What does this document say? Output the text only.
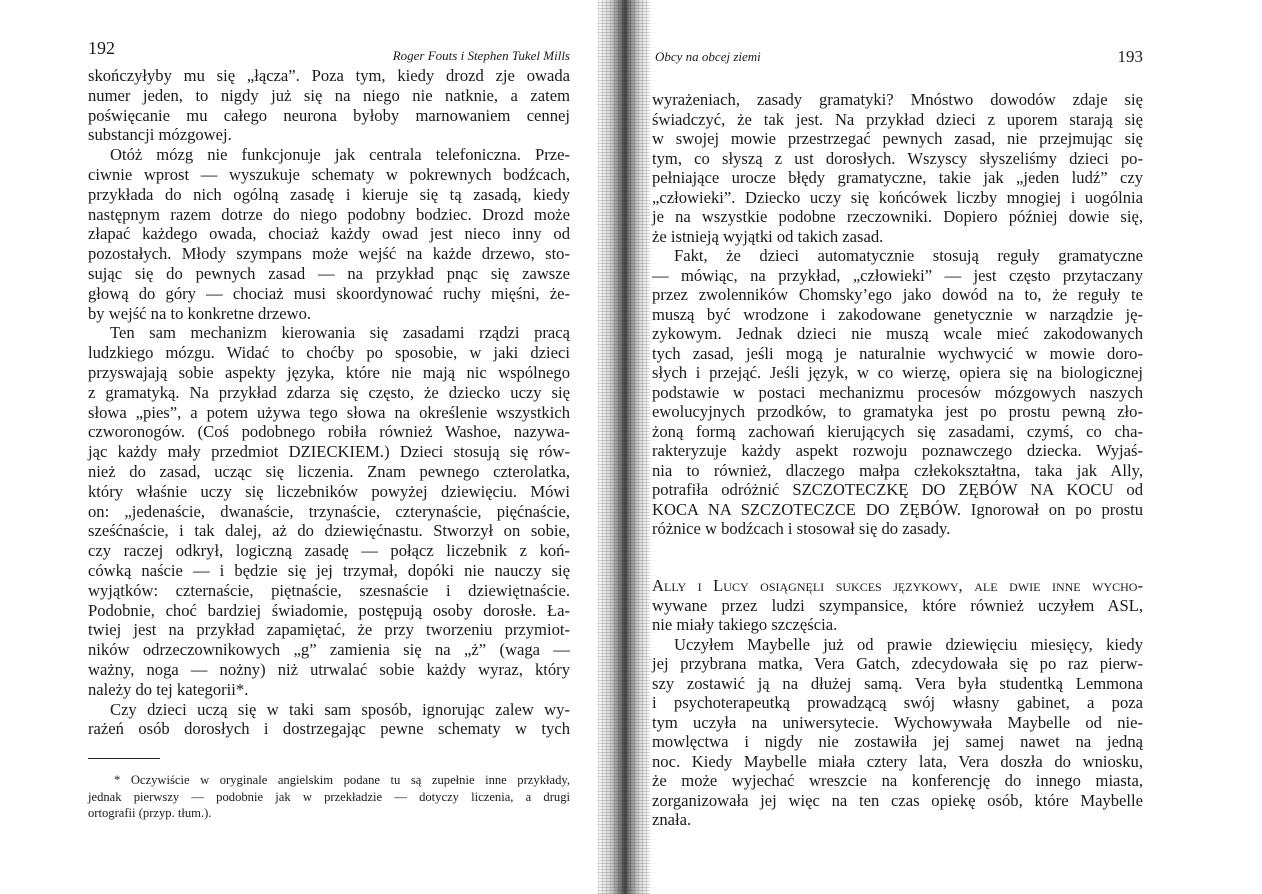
192	Roger Fouts i Stephen Tukel Mills
skończyłyby mu się „łącza”. Poza tym, kiedy drozd zje owada
numer jeden, to nigdy już się na niego nie natknie, a zatem
poświęcanie mu całego neurona byłoby marnowaniem cennej
substancji mózgowej.
Otóż mózg nie funkcjonuje jak centrala telefoniczna. Prze-
ciwnie wprost — wyszukuje schematy w pokrewnych bodźcach,
przykłada do nich ogólną zasadę i kieruje się tą zasadą, kiedy
następnym razem dotrze do niego podobny bodziec. Drozd może
złapać każdego owada, chociaż każdy owad jest nieco inny od
pozostałych. Młody szympans może wejść na każde drzewo, sto-
sując się do pewnych zasad — na przykład pnąc się zawsze
głową do góry — chociaż musi skoordynować ruchy mięśni, że-
by wejść na to konkretne drzewo.
Ten sam mechanizm kierowania się zasadami rządzi pracą
ludzkiego mózgu. Widać to choćby po sposobie, w jaki dzieci
przyswajają sobie aspekty języka, które nie mają nic wspólnego
z gramatyką. Na przykład zdarza się często, że dziecko uczy się
słowa „pies”, a potem używa tego słowa na określenie wszystkich
czworonogów. (Coś podobnego robiła również Washoe, nazywa-
jąc każdy mały przedmiot DZIECKIEM.) Dzieci stosują się rów-
nież do zasad, ucząc się liczenia. Znam pewnego czterolatka,
który właśnie uczy się liczebników powyżej dziewięciu. Mówi
on: „jedenaście, dwanaście, trzynaście, czterynaście, pięćnaście,
sześćnaście, i tak dalej, aż do dziewięćnastu. Stworzył on sobie,
czy raczej odkrył, logiczną zasadę — połącz liczebnik z koń-
cówką naście — i będzie się jej trzymał, dopóki nie nauczy się
wyjątków: czternaście, piętnaście, szesnaście i dziewiętnaście.
Podobnie, choć bardziej świadomie, postępują osoby dorosłe. Ła-
twiej jest na przykład zapamiętać, że przy tworzeniu przymiot-
ników odrzeczownikowych „g” zamienia się na „ż” (waga —
ważny, noga — nożny) niż utrwalać sobie każdy wyraz, który
należy do tej kategorii*.
Czy dzieci uczą się w taki sam sposób, ignorując zalew wy-
rażeń osób dorosłych i dostrzegając pewne schematy w tych
* Oczywiście w oryginale angielskim podane tu są zupełnie inne przykłady,
jednak pierwszy — podobnie jak w przekładzie — dotyczy liczenia, a drugi
ortografii (przyp. tłum.).
Obcy na obcej ziemi	193
wyrażeniach, zasady gramatyki? Mnóstwo dowodów zdaje się
świadczyć, że tak jest. Na przykład dzieci z uporem starają się
w swojej mowie przestrzegać pewnych zasad, nie przejmując się
tym, co słyszą z ust dorosłych. Wszyscy słyszeliśmy dzieci po-
pełniające urocze błędy gramatyczne, takie jak „jeden ludź” czy
„człowieki”. Dziecko uczy się końcówek liczby mnogiej i uogólnia
je na wszystkie podobne rzeczowniki. Dopiero później dowie się,
że istnieją wyjątki od takich zasad.
Fakt, że dzieci automatycznie stosują reguły gramatyczne
— mówiąc, na przykład, „człowieki” — jest często przytaczany
przez zwolenników Chomsky’ego jako dowód na to, że reguły te
muszą być wrodzone i zakodowane genetycznie w narządzie ję-
zykowym. Jednak dzieci nie muszą wcale mieć zakodowanych
tych zasad, jeśli mogą je naturalnie wychwycić w mowie doro-
słych i przejąć. Jeśli język, w co wierzę, opiera się na biologicznej
podstawie w postaci mechanizmu procesów mózgowych naszych
ewolucyjnych przodków, to gramatyka jest po prostu pewną zło-
żoną formą zachowań kierujących się zasadami, czymś, co cha-
rakteryzuje każdy aspekt rozwoju poznawczego dziecka. Wyjaś-
nia to również, dlaczego małpa człekokształtna, taka jak Ally,
potrafiła odróżnić SZCZOTECZKĘ DO ZĘBÓW NA KOCU od
KOCA NA SZCZOTECZCE DO ZĘBÓW. Ignorował on po prostu
różnice w bodźcach i stosował się do zasady.
Ally i Lucy osiągnęli sukces językowy, ale dwie inne wycho-
wywane przez ludzi szympansice, które również uczyłem ASL,
nie miały takiego szczęścia.
Uczyłem Maybelle już od prawie dziewięciu miesięcy, kiedy
jej przybrana matka, Vera Gatch, zdecydowała się po raz pierw-
szy zostawić ją na dłużej samą. Vera była studentką Lemmona
i psychoterapeutką prowadzącą swój własny gabinet, a poza
tym uczyła na uniwersytecie. Wychowywała Maybelle od nie-
mowlęctwa i nigdy nie zostawiła jej samej nawet na jedną
noc. Kiedy Maybelle miała cztery lata, Vera doszła do wniosku,
że może wyjechać wreszcie na konferencję do innego miasta,
zorganizowała jej więc na ten czas opiekę osób, które Maybelle
znała.
